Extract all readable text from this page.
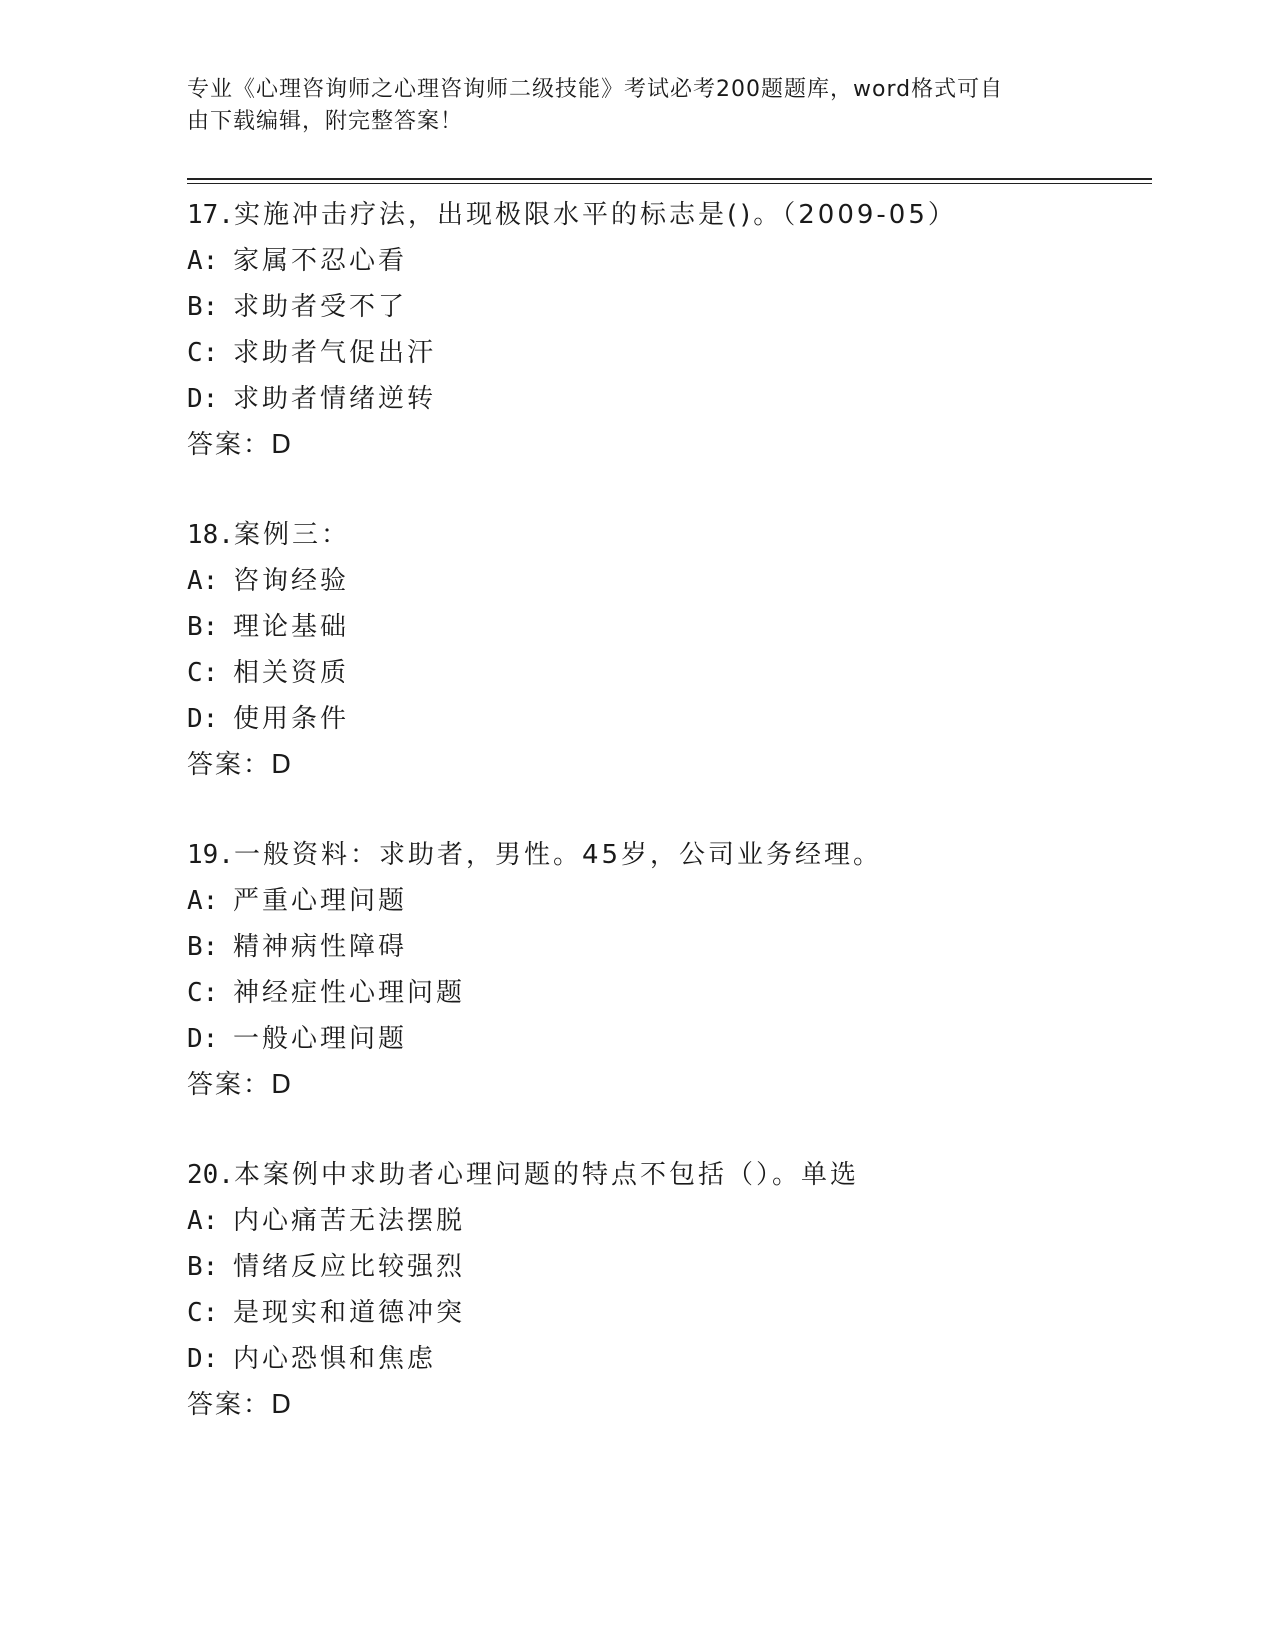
专业《心理咨询师之心理咨询师二级技能》考试必考200题题库，word格式可自
由下载编辑，附完整答案！
17.实施冲击疗法，出现极限水平的标志是()。（2009-05）
A: 家属不忍心看
B: 求助者受不了
C: 求助者气促出汗
D: 求助者情绪逆转
答案：D
18.案例三：
A: 咨询经验
B: 理论基础
C: 相关资质
D: 使用条件
答案：D
19.一般资料：求助者，男性。45岁，公司业务经理。
A: 严重心理问题
B: 精神病性障碍
C: 神经症性心理问题
D: 一般心理问题
答案：D
20.本案例中求助者心理问题的特点不包括（）。单选
A: 内心痛苦无法摆脱
B: 情绪反应比较强烈
C: 是现实和道德冲突
D: 内心恐惧和焦虑
答案：D
